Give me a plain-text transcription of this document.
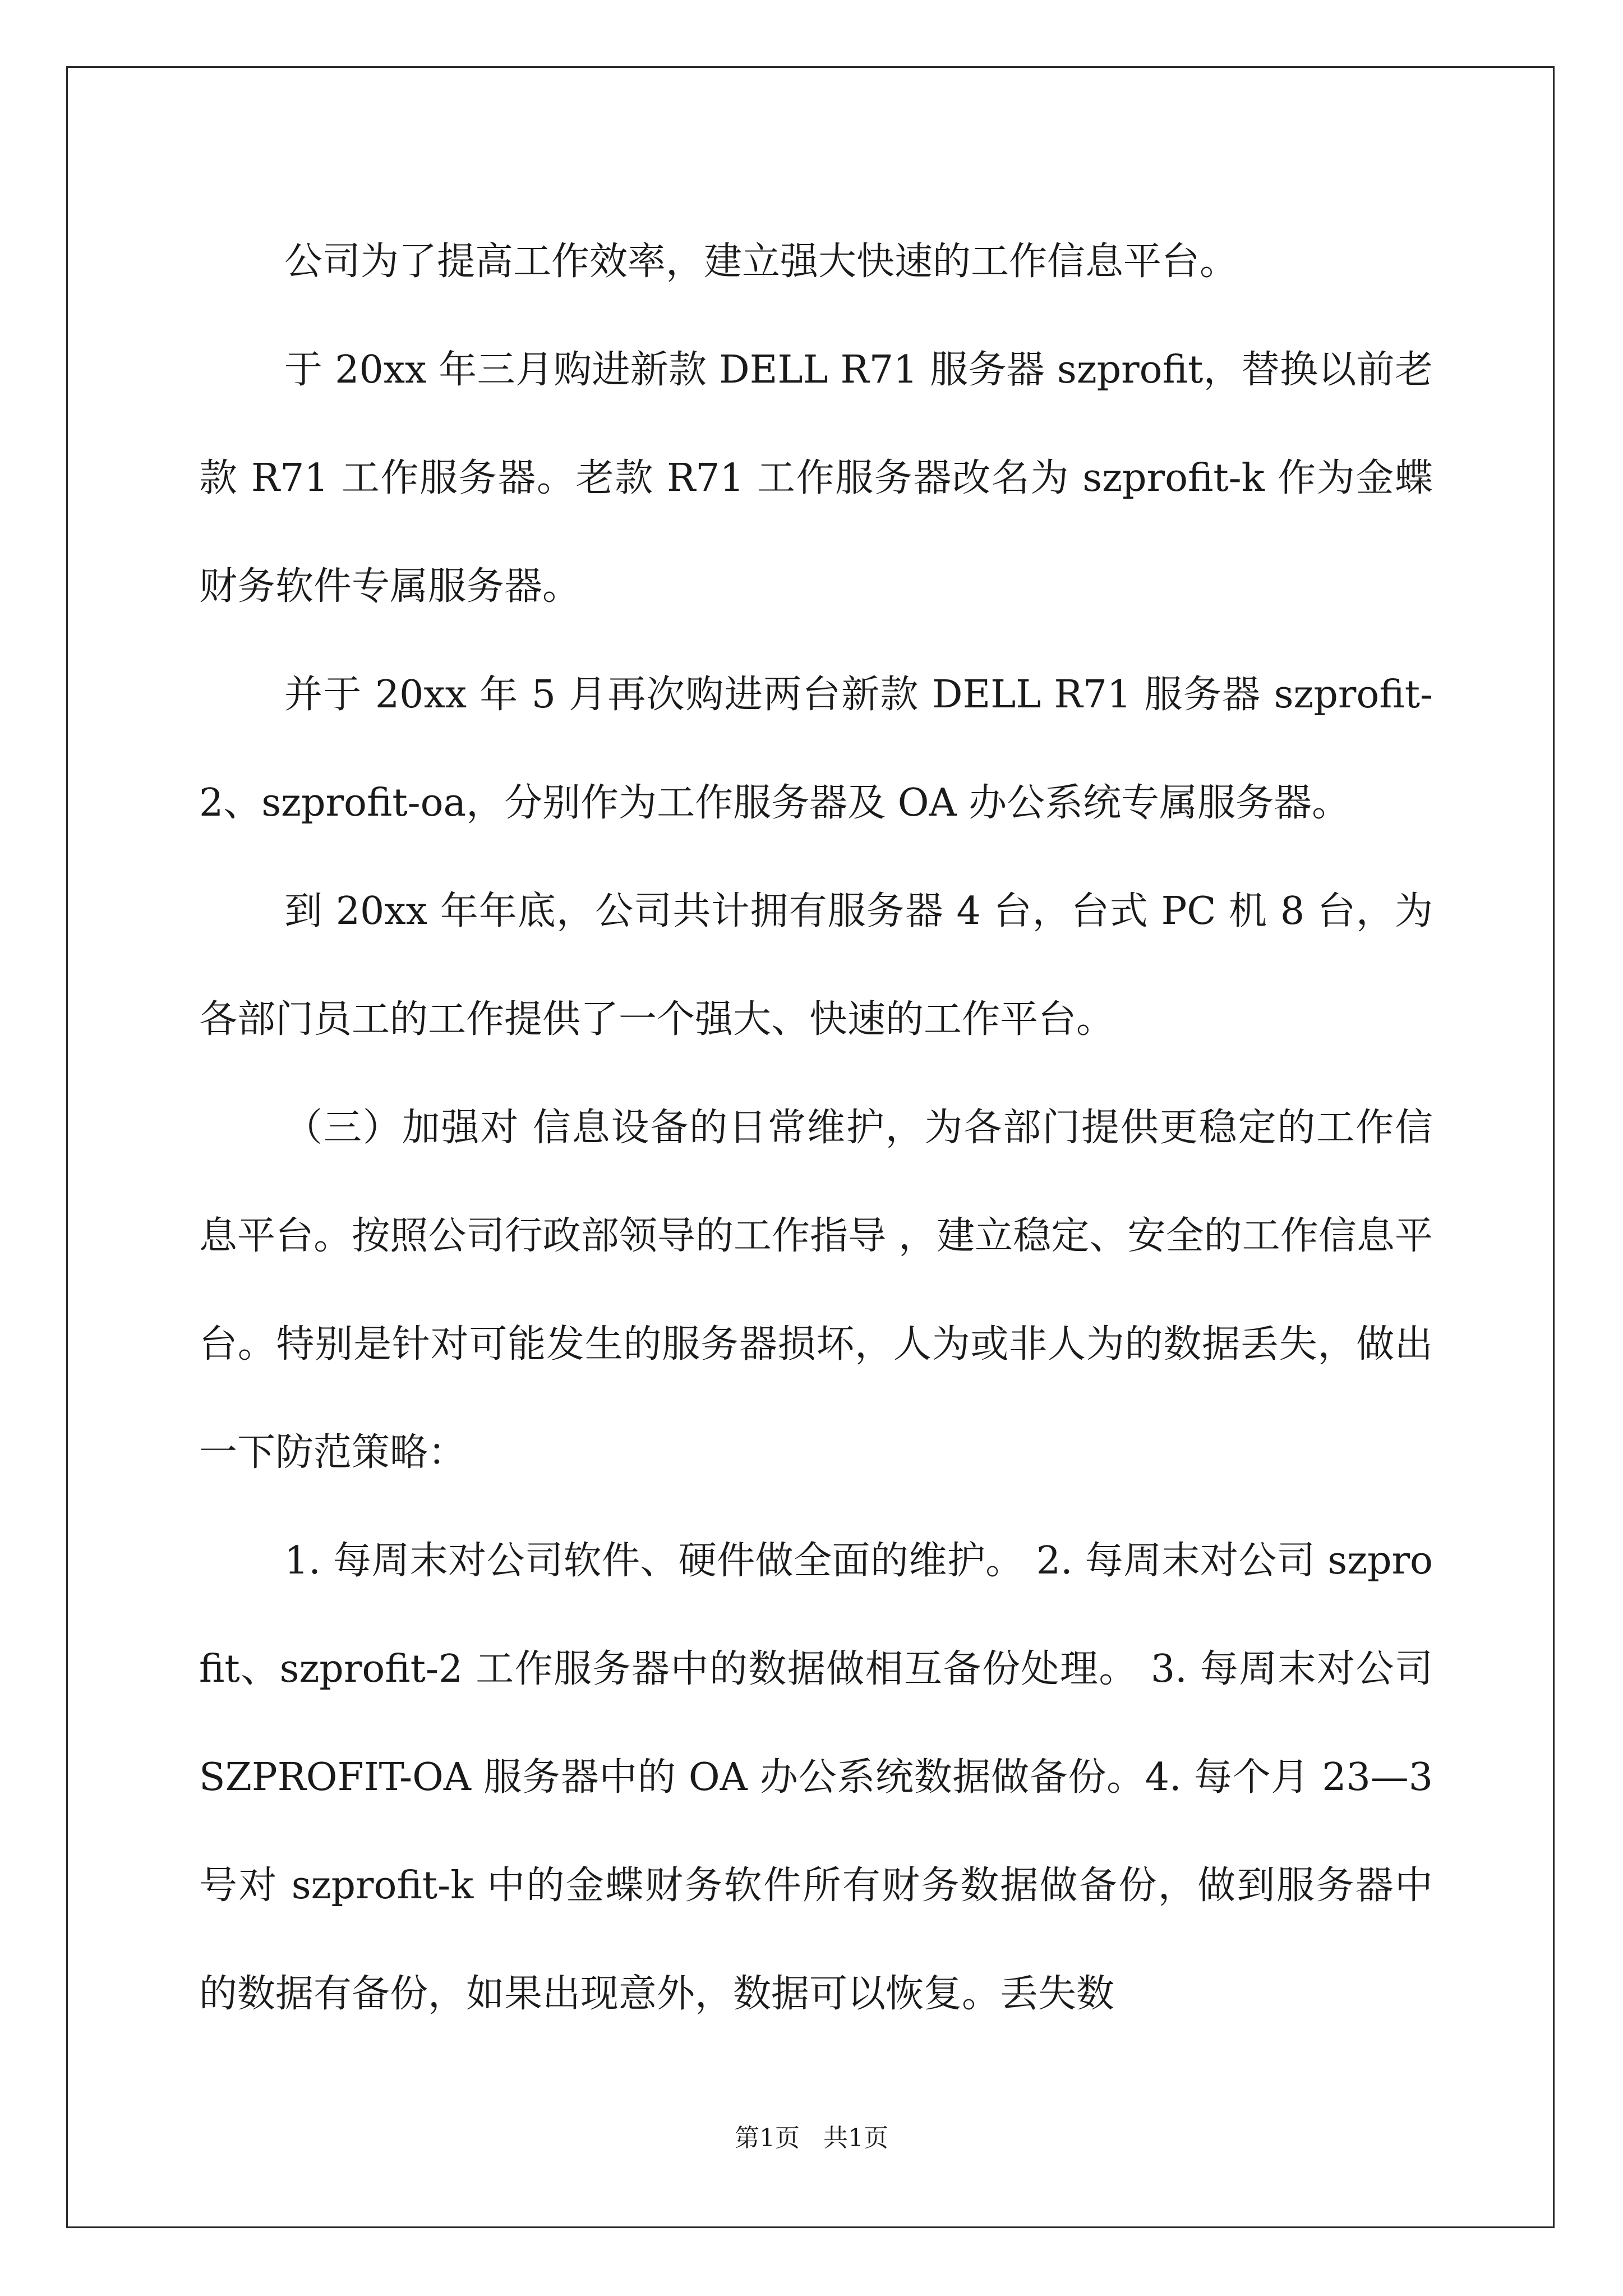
公司为了提高工作效率，建立强大快速的工作信息平台。

于 20xx 年三月购进新款 DELL R71 服务器 szprofit，替换以前老款 R71 工作服务器。老款 R71 工作服务器改名为 szprofit-k 作为金蝶财务软件专属服务器。

并于 20xx 年 5 月再次购进两台新款 DELL R71 服务器 szprofit-2、szprofit-oa，分别作为工作服务器及 OA 办公系统专属服务器。

到 20xx 年年底，公司共计拥有服务器 4 台，台式 PC 机 8 台，为各部门员工的工作提供了一个强大、快速的工作平台。

（三）加强对 信息设备的日常维护，为各部门提供更稳定的工作信息平台。按照公司行政部领导的工作指导 ，建立稳定、安全的工作信息平台。特别是针对可能发生的服务器损坏，人为或非人为的数据丢失，做出一下防范策略：

1. 每周末对公司软件、硬件做全面的维护。 2. 每周末对公司 szprofit、szprofit-2 工作服务器中的数据做相互备份处理。 3. 每周末对公司 SZPROFIT-OA 服务器中的 OA 办公系统数据做备份。4. 每个月 23—3 号对 szprofit-k 中的金蝶财务软件所有财务数据做备份，做到服务器中的数据有备份，如果出现意外，数据可以恢复。丢失数

第1页 共1页
